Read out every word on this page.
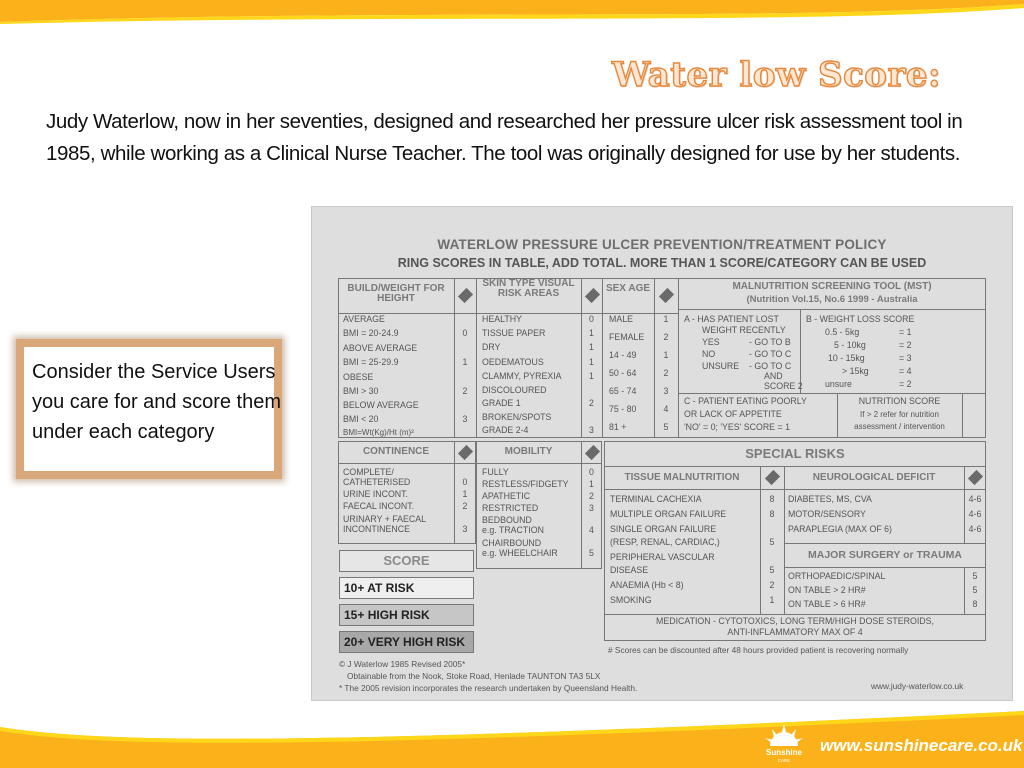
Water low Score:
Judy Waterlow, now in her seventies, designed and researched her pressure ulcer risk assessment tool in 1985, while working as a Clinical Nurse Teacher. The tool was originally designed for use by her students.
Consider the Service Users you care for and score them under each category
WATERLOW PRESSURE ULCER PREVENTION/TREATMENT POLICY
RING SCORES IN TABLE, ADD TOTAL. MORE THAN 1 SCORE/CATEGORY CAN BE USED
BUILD/WEIGHT FOR HEIGHT
SKIN TYPE VISUAL RISK AREAS	SEX AGE	MALNUTRITION SCREENING TOOL (MST)
(Nutrition Vol.15, No.6 1999 - Australia
AVERAGE
BMI = 20-24.9	0
ABOVE AVERAGE
BMI = 25-29.9	1
OBESE
BMI > 30	2
BELOW AVERAGE
BMI < 20	3
BMI=Wt(Kg)/Ht (m)²
HEALTHY	0
TISSUE PAPER	1
DRY	1
OEDEMATOUS	1
CLAMMY, PYREXIA	1
DISCOLOURED
GRADE 1	2
BROKEN/SPOTS
GRADE 2-4	3
MALE	1
FEMALE	2
14 - 49	1
50 - 64	2
65 - 74	3
75 - 80	4
81 +	5
A - HAS PATIENT LOST
WEIGHT RECENTLY
YES	- GO TO B
NO	- GO TO C
UNSURE - GO TO C
AND
SCORE 2
B - WEIGHT LOSS SCORE
0.5 - 5kg	= 1
5 - 10kg	= 2
10 - 15kg	= 3
> 15kg	= 4
unsure	= 2
C - PATIENT EATING POORLY
OR LACK OF APPETITE
'NO' = 0; 'YES' SCORE = 1
NUTRITION SCORE
If > 2 refer for nutrition
assessment / intervention
CONTINENCE
COMPLETE/
CATHETERISED	0
URINE INCONT.	1
FAECAL INCONT.	2
URINARY + FAECAL
INCONTINENCE	3
MOBILITY
FULLY	0
RESTLESS/FIDGETY	1
APATHETIC	2
RESTRICTED	3
BEDBOUND
e.g. TRACTION	4
CHAIRBOUND
e.g. WHEELCHAIR	5
SCORE
10+ AT RISK
15+ HIGH RISK
20+ VERY HIGH RISK
SPECIAL RISKS
TISSUE MALNUTRITION	NEUROLOGICAL DEFICIT
TERMINAL CACHEXIA	8
MULTIPLE ORGAN FAILURE	8
SINGLE ORGAN FAILURE
(RESP, RENAL, CARDIAC,)	5
PERIPHERAL VASCULAR
DISEASE	5
ANAEMIA (Hb < 8)	2
SMOKING	1
DIABETES, MS, CVA	4-6
MOTOR/SENSORY	4-6
PARAPLEGIA (MAX OF 6)	4-6
MAJOR SURGERY or TRAUMA
ORTHOPAEDIC/SPINAL	5
ON TABLE > 2 HR#	5
ON TABLE > 6 HR#	8
MEDICATION - CYTOTOXICS, LONG TERM/HIGH DOSE STEROIDS,
ANTI-INFLAMMATORY MAX OF 4
# Scores can be discounted after 48 hours provided patient is recovering normally
© J Waterlow 1985 Revised 2005*
Obtainable from the Nook, Stoke Road, Henlade TAUNTON TA3 5LX
* The 2005 revision incorporates the research undertaken by Queensland Health.	www.judy-waterlow.co.uk
Sunshine
CARE
www.sunshinecare.co.uk
